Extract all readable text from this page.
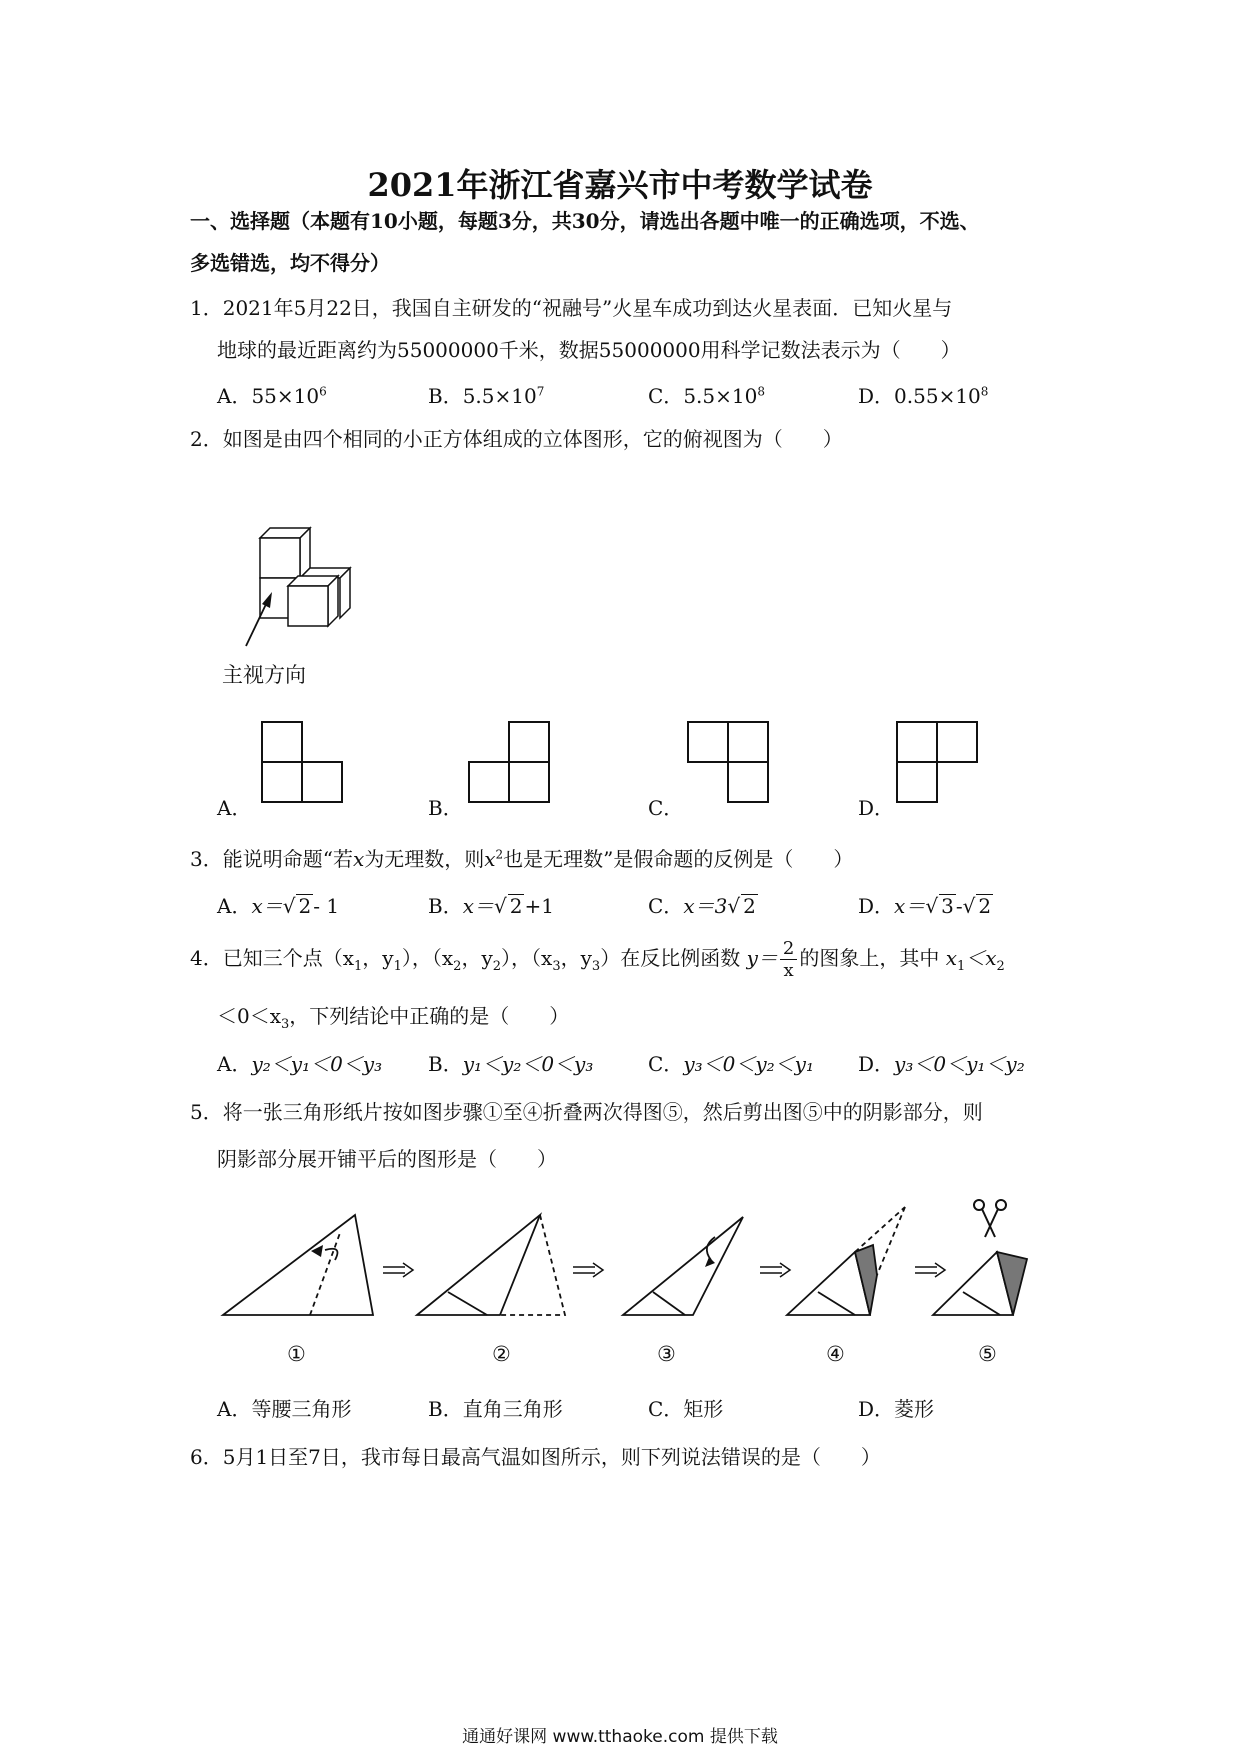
2021年浙江省嘉兴市中考数学试卷
一、选择题（本题有10小题，每题3分，共30分，请选出各题中唯一的正确选项，不选、
多选错选，均不得分）
1．2021年5月22日，我国自主研发的“祝融号”火星车成功到达火星表面．已知火星与
地球的最近距离约为55000000千米，数据55000000用科学记数法表示为（　　）
A．$55\times 10^6$	B．$5.5\times 10^7$	C．$5.5\times 10^8$	D．$0.55\times 10^8$
2．如图是由四个相同的小正方体组成的立体图形，它的俯视图为（　　）
主视方向
A．	B．	C．	D．
3．能说明命题“若x为无理数，则$x^2$也是无理数”是假命题的反例是（　　）
A．x＝√ 2 - 1	B．x＝√ 2 +1	C．x＝3√ 2	D．x＝√ 3 -√ 2
4．已知三个点（$x_1$，$y_1$），（$x_2$，$y_2$），（$x_3$，$y_3$）在反比例函数 $y= \frac{2}{x}$ 的图象上，其中 $x_1<x_2$
$<0<x_3$，下列结论中正确的是（　　）
A．y₂＜y₁＜0＜y₃ B．y₁＜y₂＜0＜y₃	C．y₃＜0＜y₂＜y₁ D．y₃＜0＜y₁＜y₂
5．将一张三角形纸片按如图步骤①至④折叠两次得图⑤，然后剪出图⑤中的阴影部分，则
阴影部分展开铺平后的图形是（　　）
①	②	③	④	⑤
A．等腰三角形	B．直角三角形	C．矩形	D．菱形
6．5月1日至7日，我市每日最高气温如图所示，则下列说法错误的是（　　）
通通好课网 www.tthaoke.com 提供下载
